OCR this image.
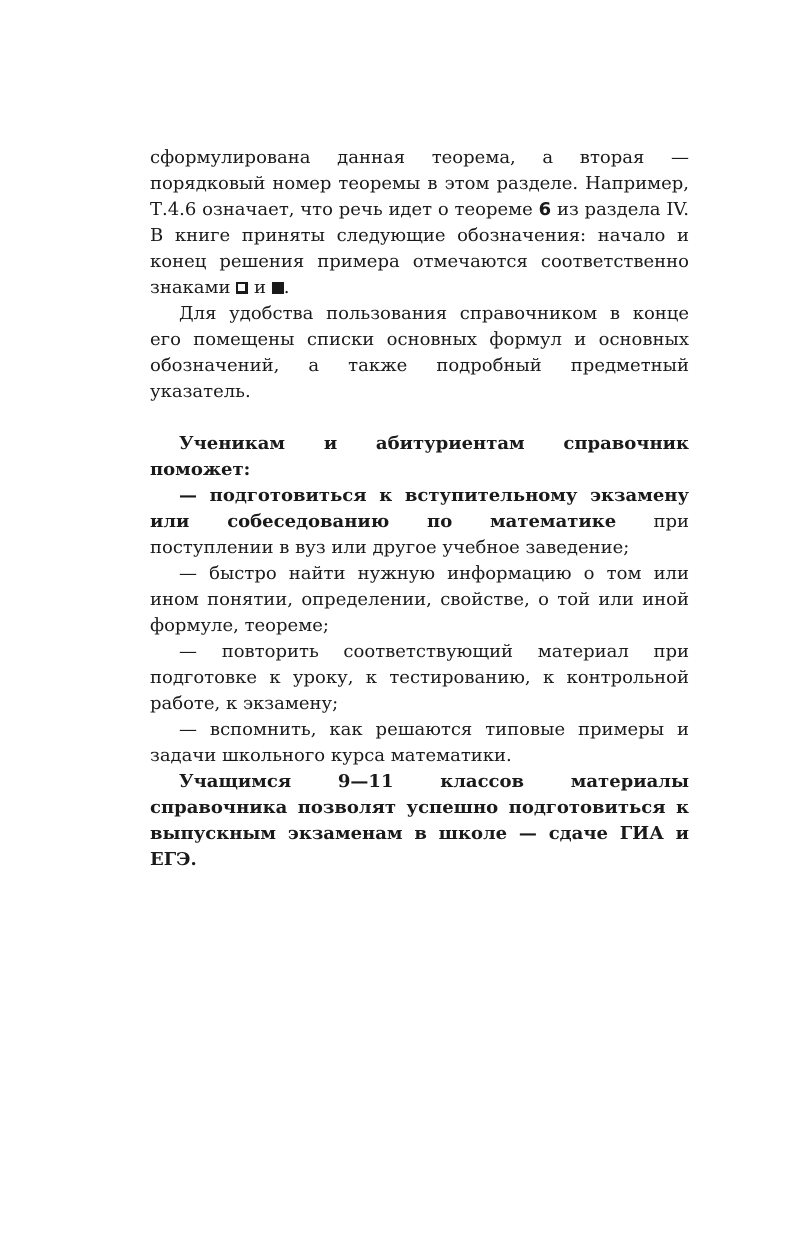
сформулирована данная теорема, а вторая — порядковый номер теоремы в этом разделе. Например, Т.4.6 означает, что речь идет о теореме 6 из раздела IV. В книге приняты следующие обозначения: начало и конец решения примера отмечаются соответственно знаками  и .

Для удобства пользования справочником в конце его помещены списки основных формул и основных обозначений, а также подробный предметный указатель.

Ученикам и абитуриентам справочник поможет:

— подготовиться к вступительному экзамену или собеседованию по математике при поступлении в вуз или другое учебное заведение;

— быстро найти нужную информацию о том или ином понятии, определении, свойстве, о той или иной формуле, теореме;

— повторить соответствующий материал при подготовке к уроку, к тестированию, к контрольной работе, к экзамену;

— вспомнить, как решаются типовые примеры и задачи школьного курса математики.

Учащимся 9—11 классов материалы справочника позволят успешно подготовиться к выпускным экзаменам в школе — сдаче ГИА и ЕГЭ.
